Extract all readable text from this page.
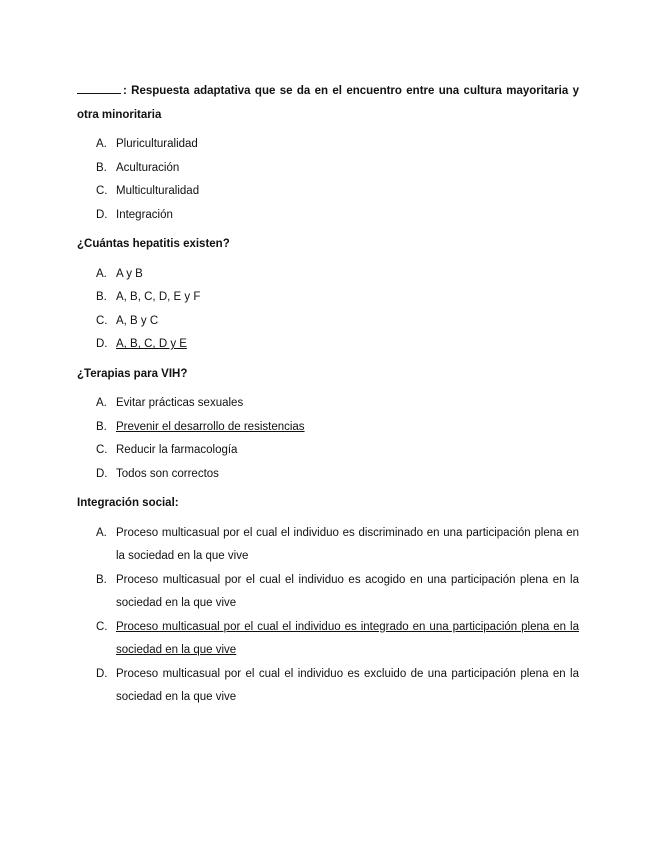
: Respuesta adaptativa que se da en el encuentro entre una cultura mayoritaria y otra minoritaria

A. Pluriculturalidad
B. Aculturación
C. Multiculturalidad
D. Integración

¿Cuántas hepatitis existen?

A. A y B
B. A, B, C, D, E y F
C. A, B y C
D. A, B, C, D y E

¿Terapias para VIH?

A. Evitar prácticas sexuales
B. Prevenir el desarrollo de resistencias
C. Reducir la farmacología
D. Todos son correctos

Integración social:

A. Proceso multicasual por el cual el individuo es discriminado en una participación plena en la sociedad en la que vive
B. Proceso multicasual por el cual el individuo es acogido en una participación plena en la sociedad en la que vive
C. Proceso multicasual por el cual el individuo es integrado en una participación plena en la sociedad en la que vive
D. Proceso multicasual por el cual el individuo es excluido de una participación plena en la sociedad en la que vive
